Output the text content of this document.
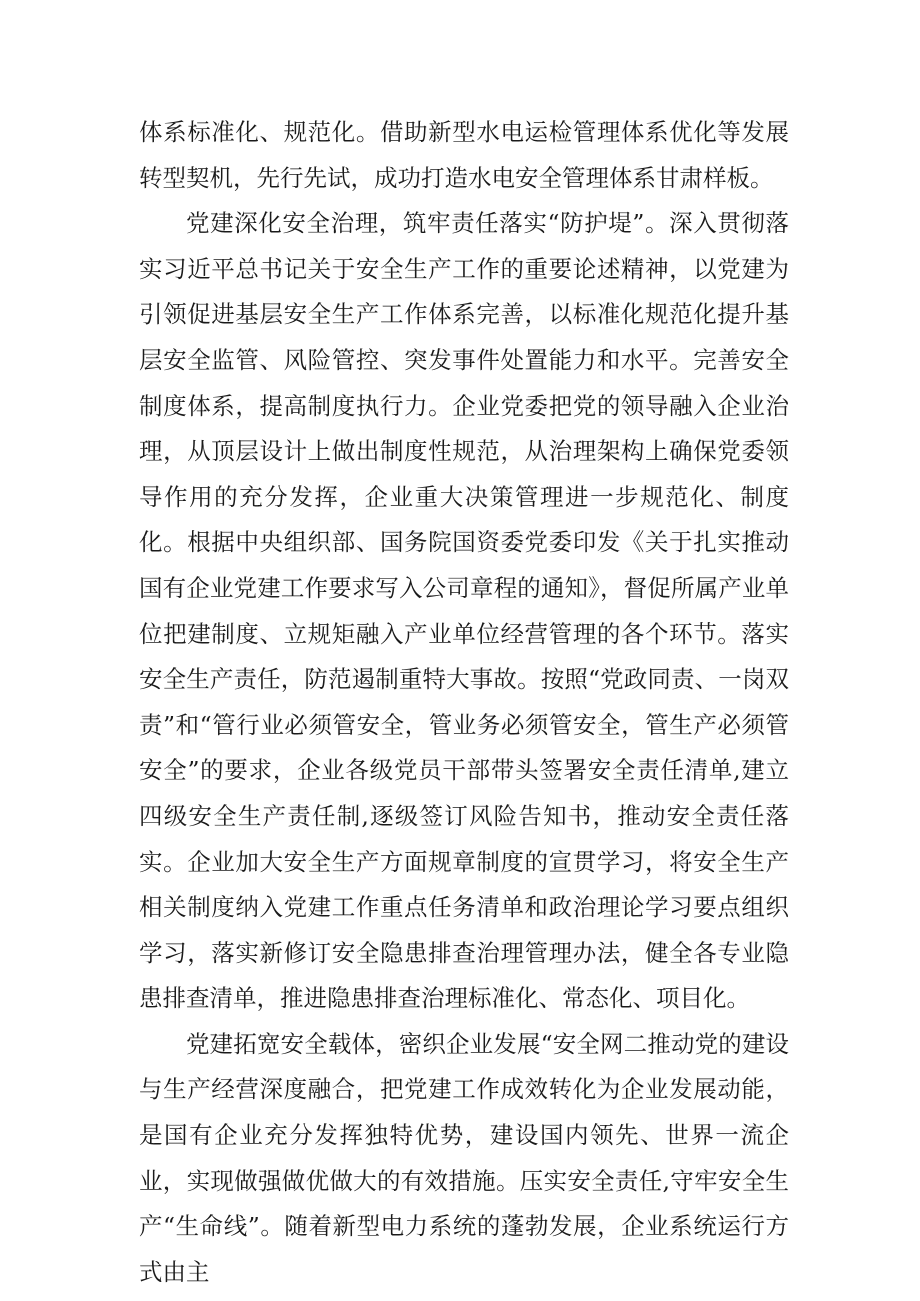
体系标准化、规范化。借助新型水电运检管理体系优化等发展转型契机，先行先试，成功打造水电安全管理体系甘肃样板。

党建深化安全治理，筑牢责任落实“防护堤”。深入贯彻落实习近平总书记关于安全生产工作的重要论述精神，以党建为引领促进基层安全生产工作体系完善，以标准化规范化提升基层安全监管、风险管控、突发事件处置能力和水平。完善安全制度体系，提高制度执行力。企业党委把党的领导融入企业治理，从顶层设计上做出制度性规范，从治理架构上确保党委领导作用的充分发挥，企业重大决策管理进一步规范化、制度化。根据中央组织部、国务院国资委党委印发《关于扎实推动国有企业党建工作要求写入公司章程的通知》，督促所属产业单位把建制度、立规矩融入产业单位经营管理的各个环节。落实安全生产责任，防范遏制重特大事故。按照“党政同责、一岗双责”和“管行业必须管安全，管业务必须管安全，管生产必须管安全”的要求，企业各级党员干部带头签署安全责任清单,建立四级安全生产责任制,逐级签订风险告知书，推动安全责任落实。企业加大安全生产方面规章制度的宣贯学习，将安全生产相关制度纳入党建工作重点任务清单和政治理论学习要点组织学习，落实新修订安全隐患排查治理管理办法，健全各专业隐患排查清单，推进隐患排查治理标准化、常态化、项目化。

党建拓宽安全载体，密织企业发展“安全网二推动党的建设与生产经营深度融合，把党建工作成效转化为企业发展动能，是国有企业充分发挥独特优势，建设国内领先、世界一流企业，实现做强做优做大的有效措施。压实安全责任,守牢安全生产“生命线”。随着新型电力系统的蓬勃发展，企业系统运行方式由主
